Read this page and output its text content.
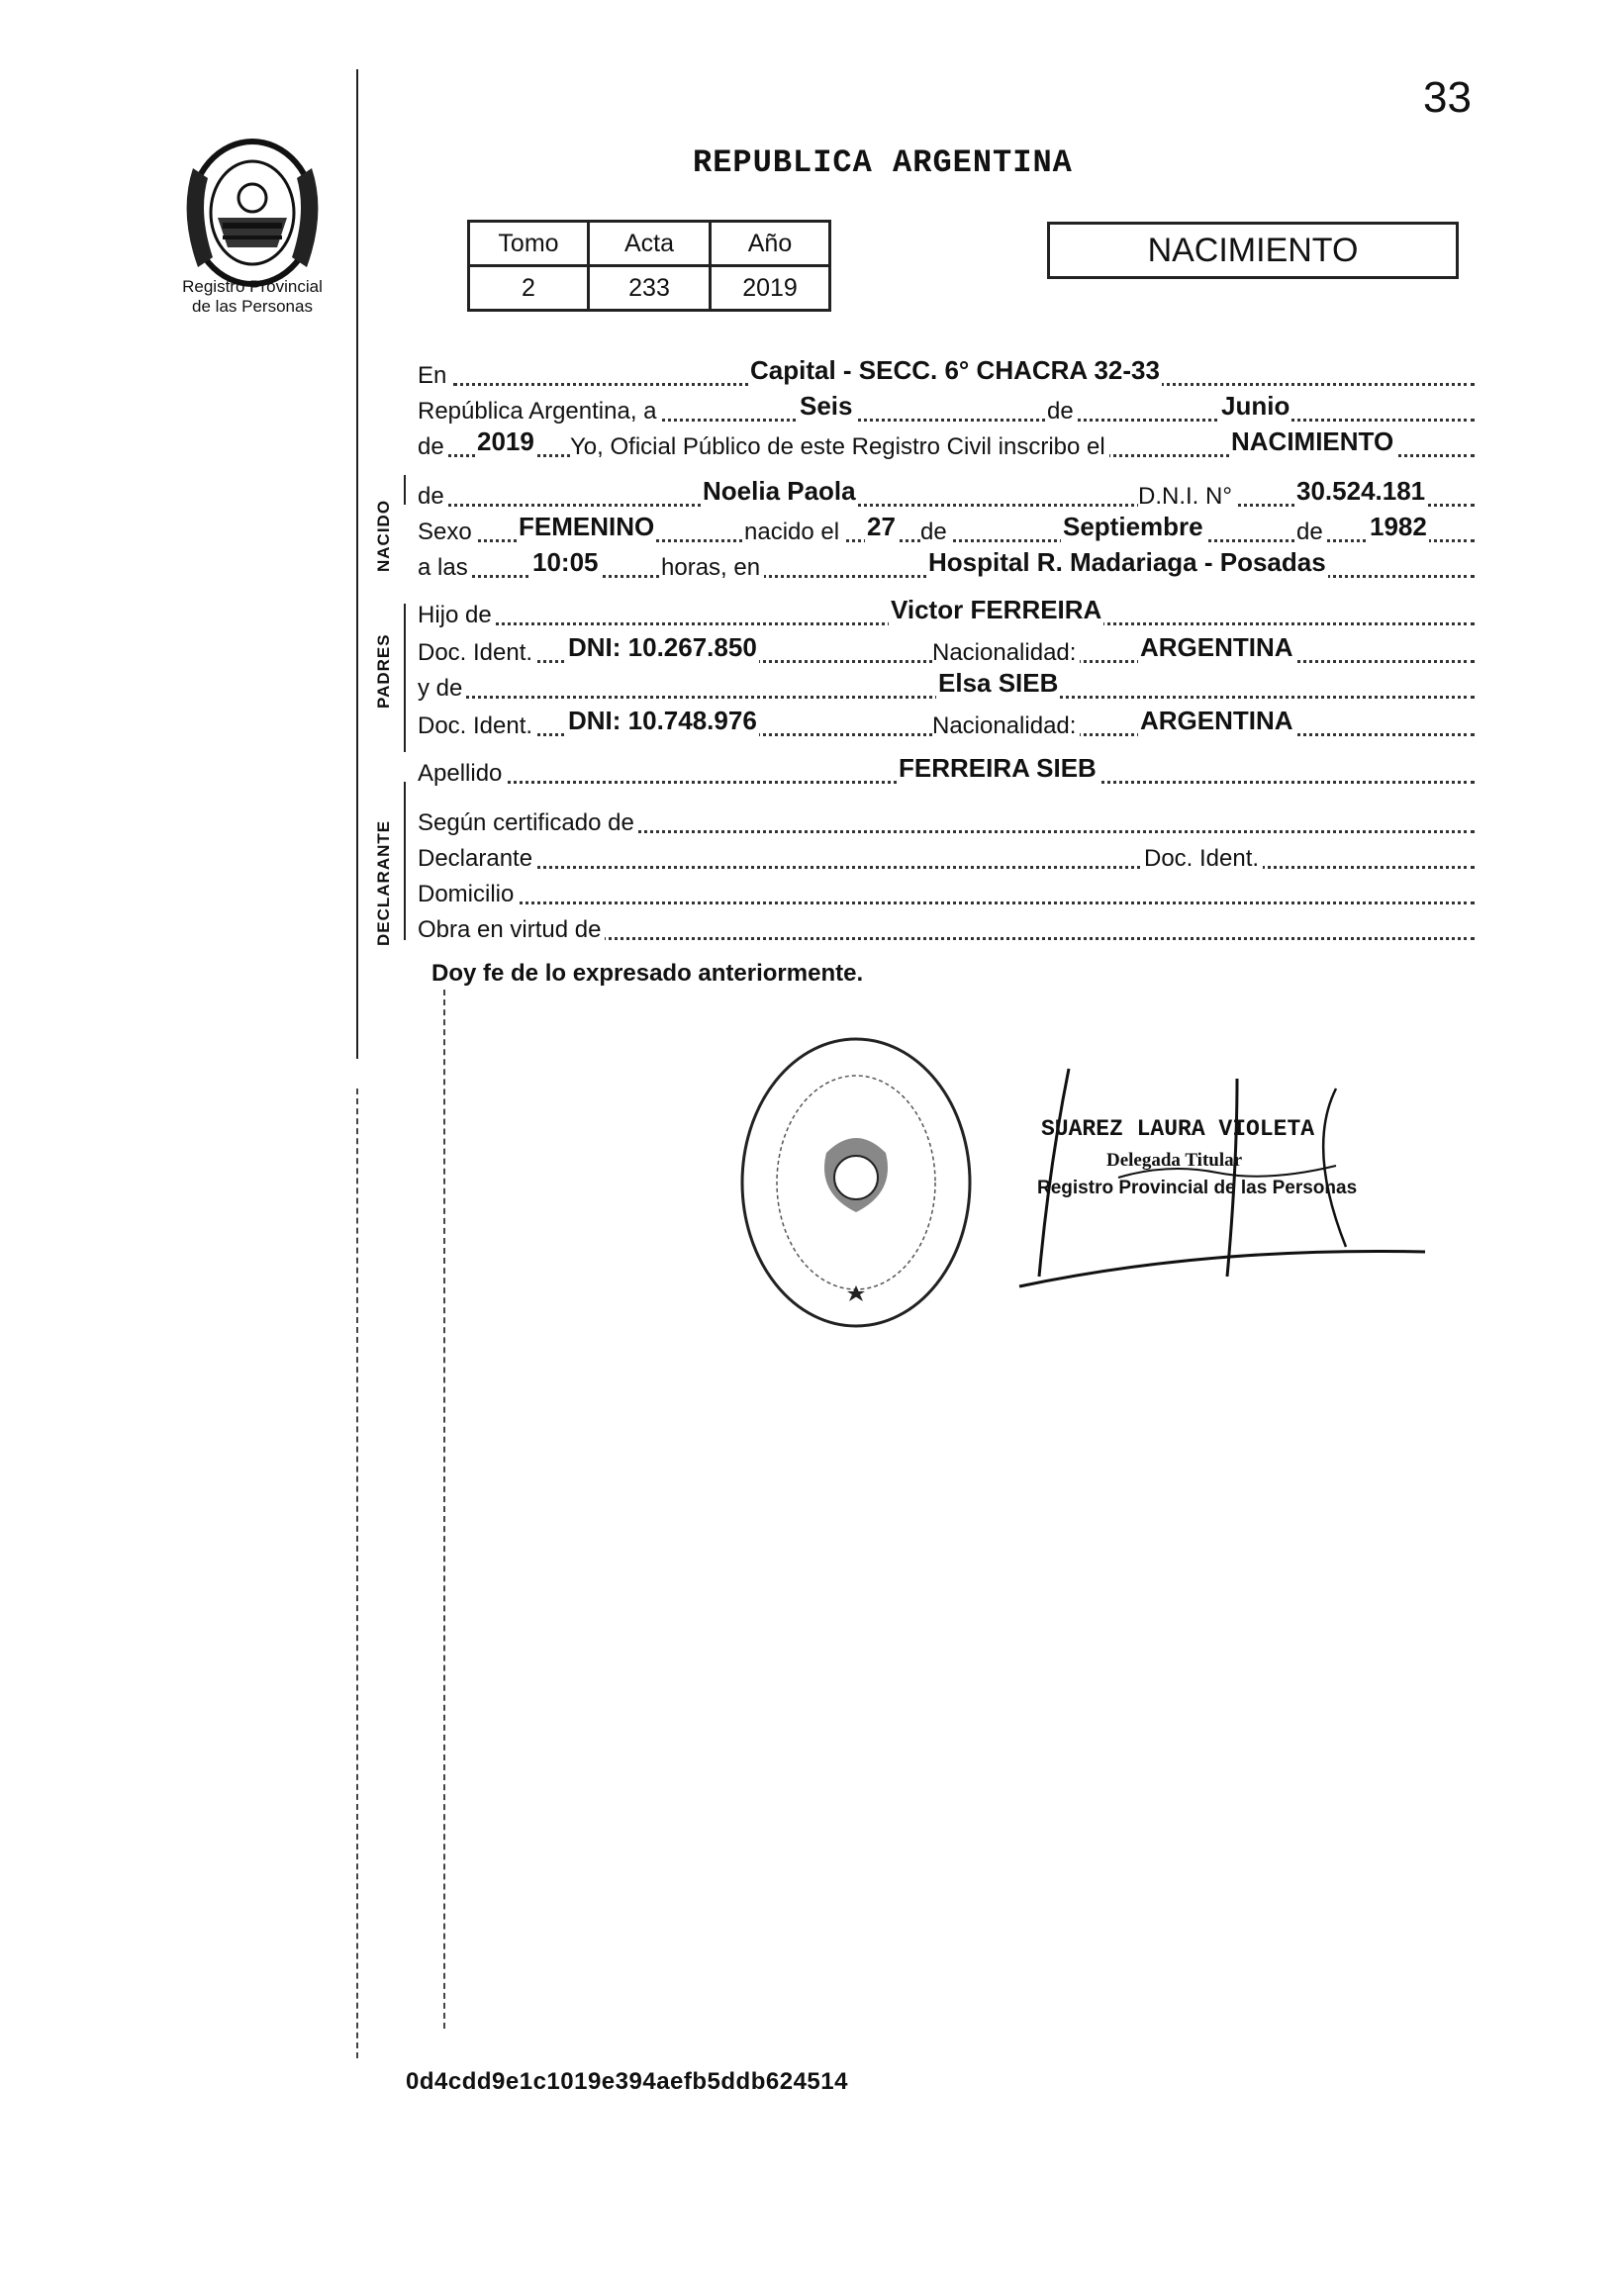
33
Registro Provincial
de las Personas
REPUBLICA ARGENTINA
Tomo	Acta	Año
2	233	2019
NACIMIENTO
NACIDO
PADRES
DECLARANTE
En	Capital - SECC. 6° CHACRA 32-33
República Argentina, a	Seis	de	Junio
de 2019 Yo, Oficial Público de este Registro Civil inscribo el	NACIMIENTO
de	Noelia Paola	D.N.I. N°	30.524.181
Sexo FEMENINO	nacido el 27 de	Septiembre	de 1982
a las	10:05	horas, en	Hospital R. Madariaga - Posadas
Hijo de	Victor FERREIRA
Doc. Ident. DNI: 10.267.850	Nacionalidad: ARGENTINA
y de	Elsa SIEB
Doc. Ident. DNI: 10.748.976	Nacionalidad: ARGENTINA
Apellido	FERREIRA SIEB
Según certificado de
Declarante	Doc. Ident.
Domicilio
Obra en virtud de
Doy fe de lo expresado anteriormente.
SUAREZ LAURA VIOLETA
Delegada Titular
Registro Provincial de las Personas
0d4cdd9e1c1019e394aefb5ddb624514
